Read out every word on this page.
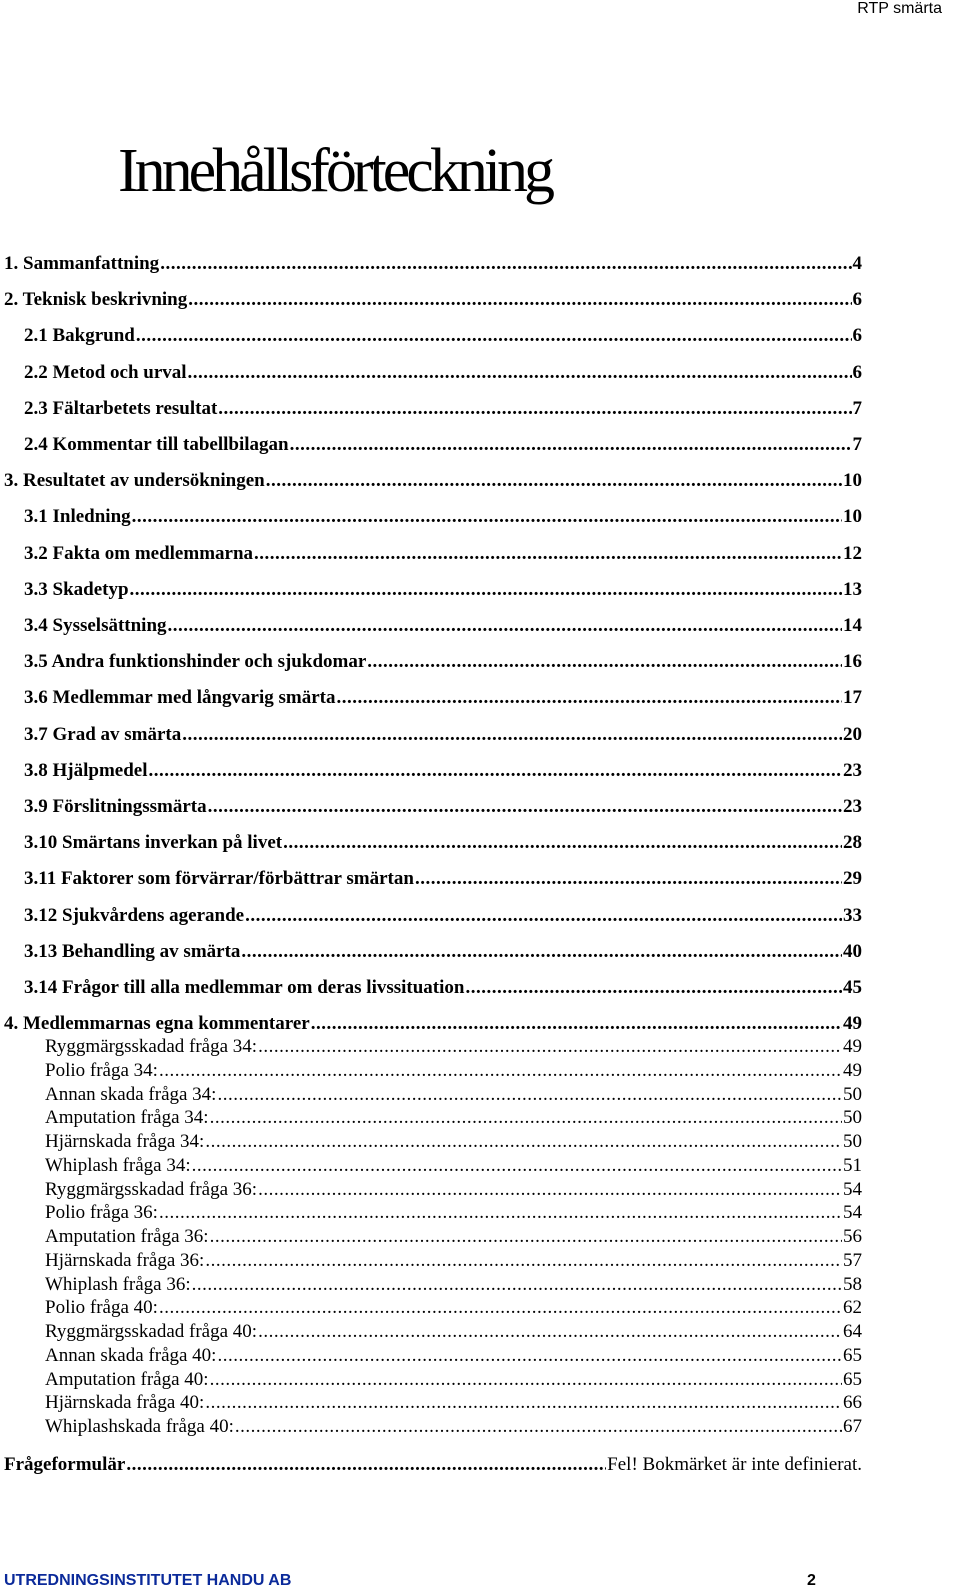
RTP smärta
Innehållsförteckning
1. Sammanfattning .....	4
2. Teknisk beskrivning .....	6
2.1 Bakgrund .....	6
2.2 Metod och urval .....	6
2.3 Fältarbetets resultat .....	7
2.4 Kommentar till tabellbilagan .....	7
3. Resultatet av undersökningen .....	10
3.1 Inledning .....	10
3.2 Fakta om medlemmarna .....	12
3.3 Skadetyp .....	13
3.4 Sysselsättning .....	14
3.5 Andra funktionshinder och sjukdomar .....	16
3.6 Medlemmar med långvarig smärta .....	17
3.7 Grad av smärta .....	20
3.8 Hjälpmedel .....	23
3.9 Förslitningssmärta .....	23
3.10 Smärtans inverkan på livet .....	28
3.11 Faktorer som förvärrar/förbättrar smärtan .....	29
3.12 Sjukvårdens agerande .....	33
3.13 Behandling av smärta .....	40
3.14 Frågor till alla medlemmar om deras livssituation .....	45
4. Medlemmarnas egna kommentarer .....	49
Ryggmärgsskadad fråga 34: .....	49
Polio fråga 34: .....	49
Annan skada fråga 34: .....	50
Amputation fråga 34: .....	50
Hjärnskada fråga 34: .....	50
Whiplash fråga 34: .....	51
Ryggmärgsskadad fråga 36: .....	54
Polio fråga 36: .....	54
Amputation fråga 36: .....	56
Hjärnskada fråga 36: .....	57
Whiplash fråga 36: .....	58
Polio fråga 40: .....	62
Ryggmärgsskadad fråga 40: .....	64
Annan skada fråga 40: .....	65
Amputation fråga 40: .....	65
Hjärnskada fråga 40: .....	66
Whiplashskada fråga 40: .....	67
Frågeformulär .....	Fel! Bokmärket är inte definierat.
UTREDNINGSINSTITUTET HANDU AB	2
